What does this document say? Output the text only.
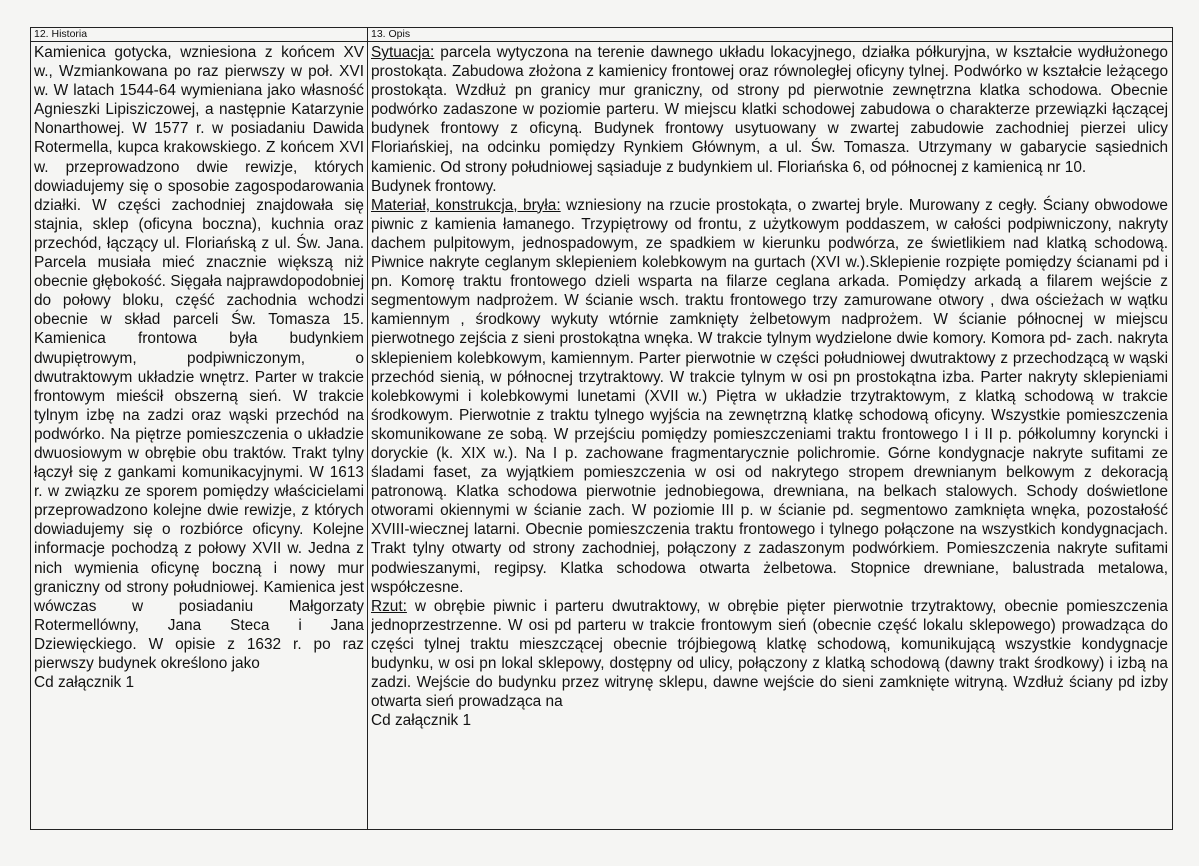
12. Historia	13. Opis

Kamienica gotycka, wzniesiona z końcem XV w., Wzmiankowana po raz pierwszy w poł. XVI w. W latach 1544-64 wymieniana jako własność Agnieszki Lipisziczowej, a następnie Katarzynie Nonarthowej. W 1577 r. w posiadaniu Dawida Rotermella, kupca krakowskiego. Z końcem XVI w. przeprowadzono dwie rewizje, których dowiadujemy się o sposobie zagospodarowania działki. W części zachodniej znajdowała się stajnia, sklep (oficyna boczna), kuchnia oraz przechód, łączący ul. Floriańską z ul. Św. Jana. Parcela musiała mieć znacznie większą niż obecnie głębokość. Sięgała najprawdopodobniej do połowy bloku, część zachodnia wchodzi obecnie w skład parceli Św. Tomasza 15. Kamienica frontowa była budynkiem dwupiętrowym, podpiwniczonym, o dwutraktowym układzie wnętrz. Parter w trakcie frontowym mieścił obszerną sień. W trakcie tylnym izbę na zadzi oraz wąski przechód na podwórko. Na piętrze pomieszczenia o układzie dwuosiowym w obrębie obu traktów. Trakt tylny łączył się z gankami komunikacyjnymi. W 1613 r. w związku ze sporem pomiędzy właścicielami przeprowadzono kolejne dwie rewizje, z których dowiadujemy się o rozbiórce oficyny. Kolejne informacje pochodzą z połowy XVII w. Jedna z nich wymienia oficynę boczną i nowy mur graniczny od strony południowej. Kamienica jest wówczas w posiadaniu Małgorzaty Rotermellówny, Jana Steca i Jana Dziewięckiego. W opisie z 1632 r. po raz pierwszy budynek określono jako

Cd załącznik 1

Sytuacja: parcela wytyczona na terenie dawnego układu lokacyjnego, działka półkuryjna, w kształcie wydłużonego prostokąta. Zabudowa złożona z kamienicy frontowej oraz równoległej oficyny tylnej. Podwórko w kształcie leżącego prostokąta. Wzdłuż pn granicy mur graniczny, od strony pd pierwotnie zewnętrzna klatka schodowa. Obecnie podwórko zadaszone w poziomie parteru. W miejscu klatki schodowej zabudowa o charakterze przewiązki łączącej budynek frontowy z oficyną. Budynek frontowy usytuowany w zwartej zabudowie zachodniej pierzei ulicy Floriańskiej, na odcinku pomiędzy Rynkiem Głównym, a ul. Św. Tomasza. Utrzymany w gabarycie sąsiednich kamienic. Od strony południowej sąsiaduje z budynkiem ul. Floriańska 6, od północnej z kamienicą nr 10.

Budynek frontowy.

Materiał, konstrukcja, bryła: wzniesiony na rzucie prostokąta, o zwartej bryle. Murowany z cegły. Ściany obwodowe piwnic z kamienia łamanego. Trzypiętrowy od frontu, z użytkowym poddaszem, w całości podpiwniczony, nakryty dachem pulpitowym, jednospadowym, ze spadkiem w kierunku podwórza, ze świetlikiem nad klatką schodową. Piwnice nakryte ceglanym sklepieniem kolebkowym na gurtach (XVI w.).Sklepienie rozpięte pomiędzy ścianami pd i pn. Komorę traktu frontowego dzieli wsparta na filarze ceglana arkada. Pomiędzy arkadą a filarem wejście z segmentowym nadprożem. W ścianie wsch. traktu frontowego trzy zamurowane otwory , dwa ościeżach w wątku kamiennym , środkowy wykuty wtórnie zamknięty żelbetowym nadprożem. W ścianie północnej w miejscu pierwotnego zejścia z sieni prostokątna wnęka. W trakcie tylnym wydzielone dwie komory. Komora pd- zach. nakryta sklepieniem kolebkowym, kamiennym. Parter pierwotnie w części południowej dwutraktowy z przechodzącą w wąski przechód sienią, w północnej trzytraktowy. W trakcie tylnym w osi pn prostokątna izba. Parter nakryty sklepieniami kolebkowymi i kolebkowymi lunetami (XVII w.) Piętra w układzie trzytraktowym, z klatką schodową w trakcie środkowym. Pierwotnie z traktu tylnego wyjścia na zewnętrzną klatkę schodową oficyny. Wszystkie pomieszczenia skomunikowane ze sobą. W przejściu pomiędzy pomieszczeniami traktu frontowego I i II p. półkolumny koryncki i doryckie (k. XIX w.). Na I p. zachowane fragmentarycznie polichromie. Górne kondygnacje nakryte sufitami ze śladami faset, za wyjątkiem pomieszczenia w osi od nakrytego stropem drewnianym belkowym z dekoracją patronową. Klatka schodowa pierwotnie jednobiegowa, drewniana, na belkach stalowych. Schody doświetlone otworami okiennymi w ścianie zach. W poziomie III p. w ścianie pd. segmentowo zamknięta wnęka, pozostałość XVIII-wiecznej latarni. Obecnie pomieszczenia traktu frontowego i tylnego połączone na wszystkich kondygnacjach. Trakt tylny otwarty od strony zachodniej, połączony z zadaszonym podwórkiem. Pomieszczenia nakryte sufitami podwieszanymi, regipsy. Klatka schodowa otwarta żelbetowa. Stopnice drewniane, balustrada metalowa, współczesne.

Rzut: w obrębie piwnic i parteru dwutraktowy, w obrębie pięter pierwotnie trzytraktowy, obecnie pomieszczenia jednoprzestrzenne. W osi pd parteru w trakcie frontowym sień (obecnie część lokalu sklepowego) prowadząca do części tylnej traktu mieszczącej obecnie trójbiegową klatkę schodową, komunikującą wszystkie kondygnacje budynku, w osi pn lokal sklepowy, dostępny od ulicy, połączony z klatką schodową (dawny trakt środkowy) i izbą na zadzi. Wejście do budynku przez witrynę sklepu, dawne wejście do sieni zamknięte witryną. Wzdłuż ściany pd izby otwarta sień prowadząca na

Cd załącznik 1
